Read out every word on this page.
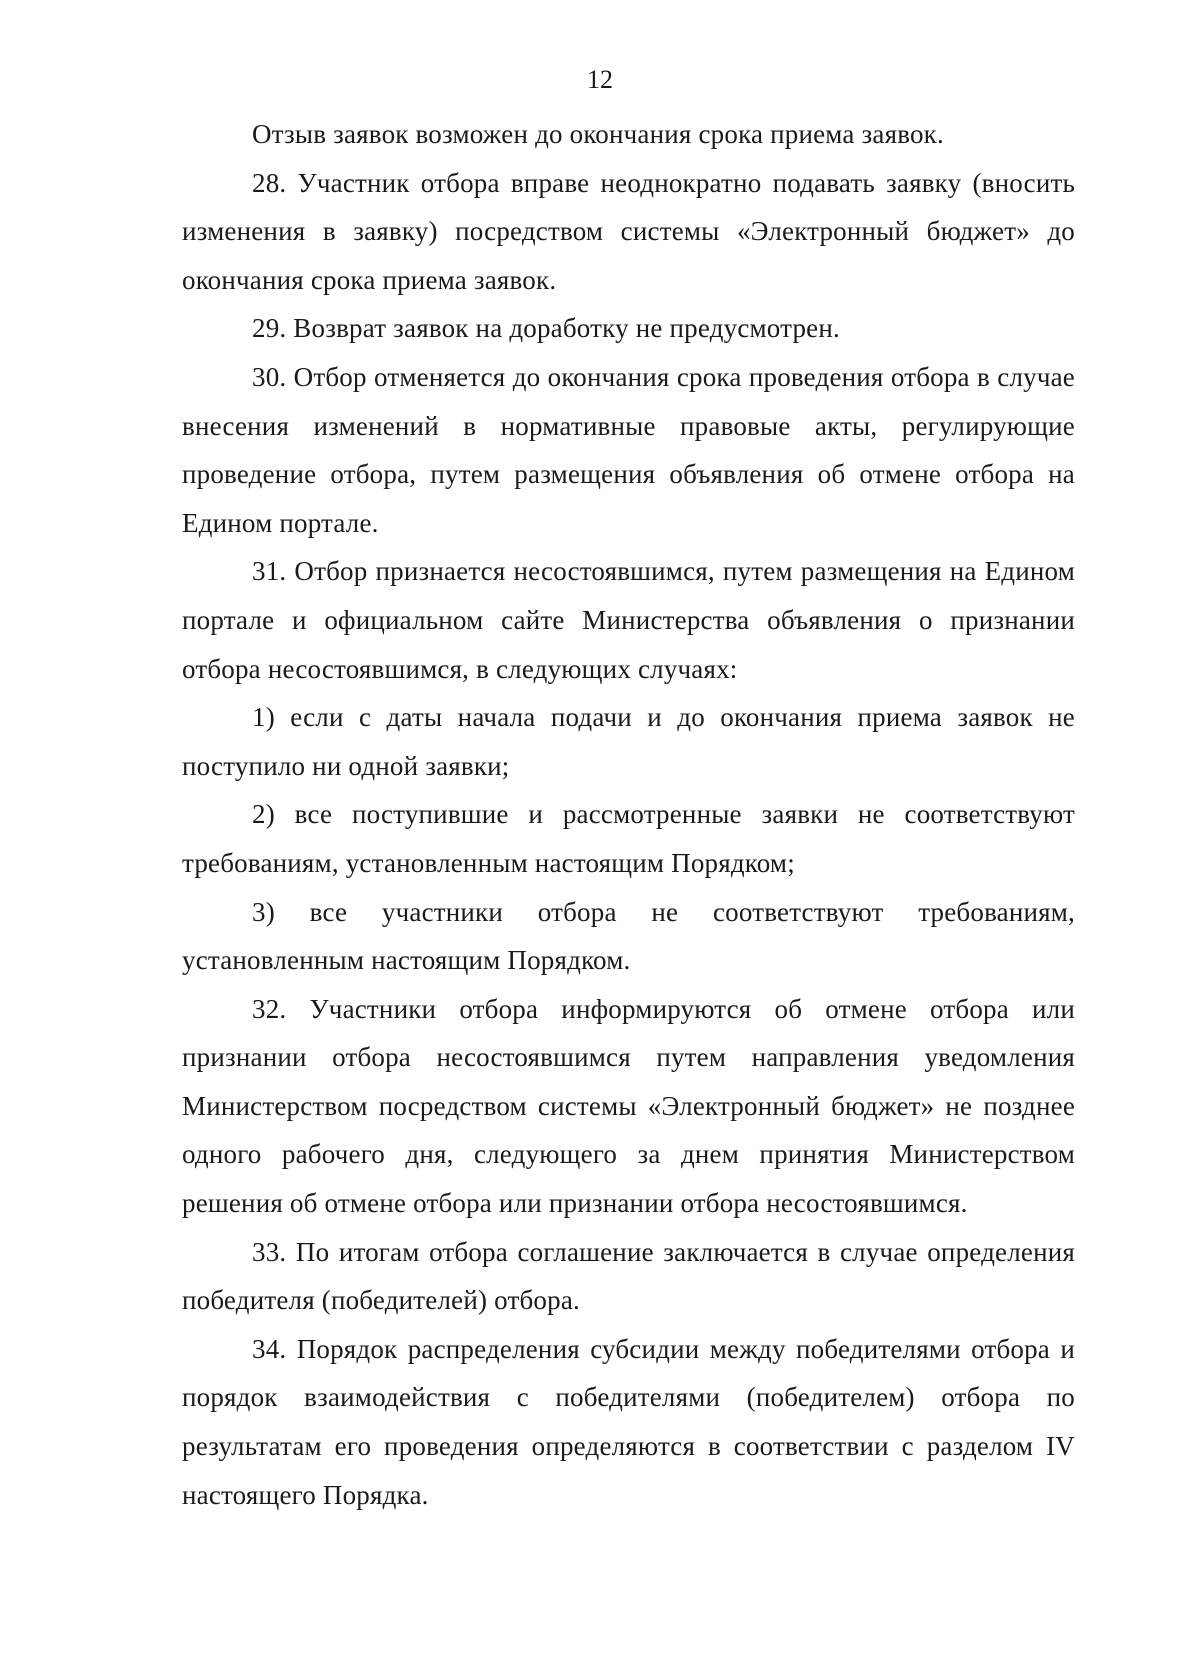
12

Отзыв заявок возможен до окончания срока приема заявок.

28. Участник отбора вправе неоднократно подавать заявку (вносить изменения в заявку) посредством системы «Электронный бюджет» до окончания срока приема заявок.

29. Возврат заявок на доработку не предусмотрен.

30. Отбор отменяется до окончания срока проведения отбора в случае внесения изменений в нормативные правовые акты, регулирующие проведение отбора, путем размещения объявления об отмене отбора на Едином портале.

31. Отбор признается несостоявшимся, путем размещения на Едином портале и официальном сайте Министерства объявления о признании отбора несостоявшимся, в следующих случаях:

1) если с даты начала подачи и до окончания приема заявок не поступило ни одной заявки;

2) все поступившие и рассмотренные заявки не соответствуют требованиям, установленным настоящим Порядком;

3) все участники отбора не соответствуют требованиям, установленным настоящим Порядком.

32. Участники отбора информируются об отмене отбора или признании отбора несостоявшимся путем направления уведомления Министерством посредством системы «Электронный бюджет» не позднее одного рабочего дня, следующего за днем принятия Министерством решения об отмене отбора или признании отбора несостоявшимся.

33. По итогам отбора соглашение заключается в случае определения победителя (победителей) отбора.

34. Порядок распределения субсидии между победителями отбора и порядок взаимодействия с победителями (победителем) отбора по результатам его проведения определяются в соответствии с разделом IV настоящего Порядка.
